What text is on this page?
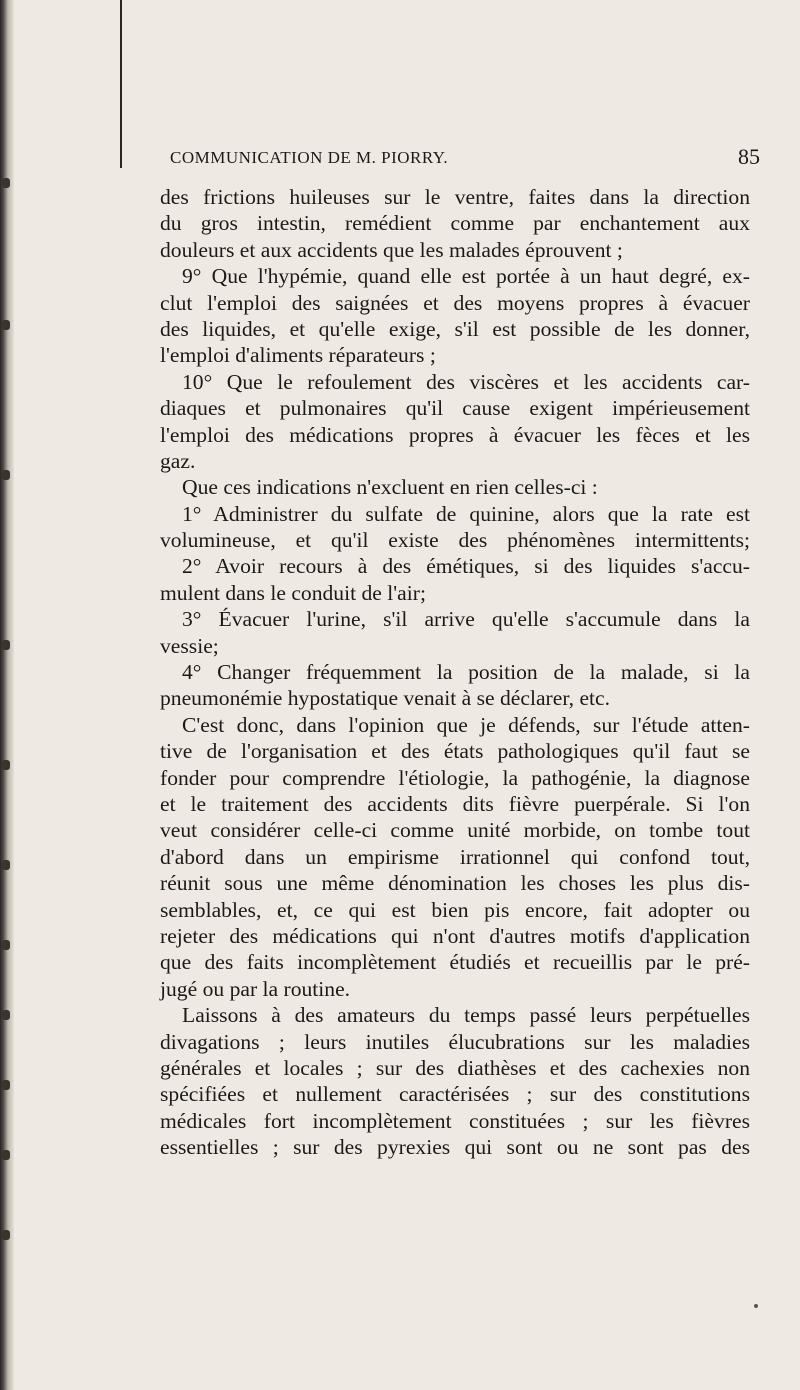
COMMUNICATION DE M. PIORRY.	85
des frictions huileuses sur le ventre, faites dans la direction
du gros intestin, remédient comme par enchantement aux
douleurs et aux accidents que les malades éprouvent ;
9° Que l'hypémie, quand elle est portée à un haut degré, ex-
clut l'emploi des saignées et des moyens propres à évacuer
des liquides, et qu'elle exige, s'il est possible de les donner,
l'emploi d'aliments réparateurs ;
10° Que le refoulement des viscères et les accidents car-
diaques et pulmonaires qu'il cause exigent impérieusement
l'emploi des médications propres à évacuer les fèces et les
gaz.
Que ces indications n'excluent en rien celles-ci :
1° Administrer du sulfate de quinine, alors que la rate est
volumineuse, et qu'il existe des phénomènes intermittents;
2° Avoir recours à des émétiques, si des liquides s'accu-
mulent dans le conduit de l'air;
3° Évacuer l'urine, s'il arrive qu'elle s'accumule dans la
vessie;
4° Changer fréquemment la position de la malade, si la
pneumonémie hypostatique venait à se déclarer, etc.
C'est donc, dans l'opinion que je défends, sur l'étude atten-
tive de l'organisation et des états pathologiques qu'il faut se
fonder pour comprendre l'étiologie, la pathogénie, la diagnose
et le traitement des accidents dits fièvre puerpérale. Si l'on
veut considérer celle-ci comme unité morbide, on tombe tout
d'abord dans un empirisme irrationnel qui confond tout,
réunit sous une même dénomination les choses les plus dis-
semblables, et, ce qui est bien pis encore, fait adopter ou
rejeter des médications qui n'ont d'autres motifs d'application
que des faits incomplètement étudiés et recueillis par le pré-
jugé ou par la routine.
Laissons à des amateurs du temps passé leurs perpétuelles
divagations ; leurs inutiles élucubrations sur les maladies
générales et locales ; sur des diathèses et des cachexies non
spécifiées et nullement caractérisées ; sur des constitutions
médicales fort incomplètement constituées ; sur les fièvres
essentielles ; sur des pyrexies qui sont ou ne sont pas des
